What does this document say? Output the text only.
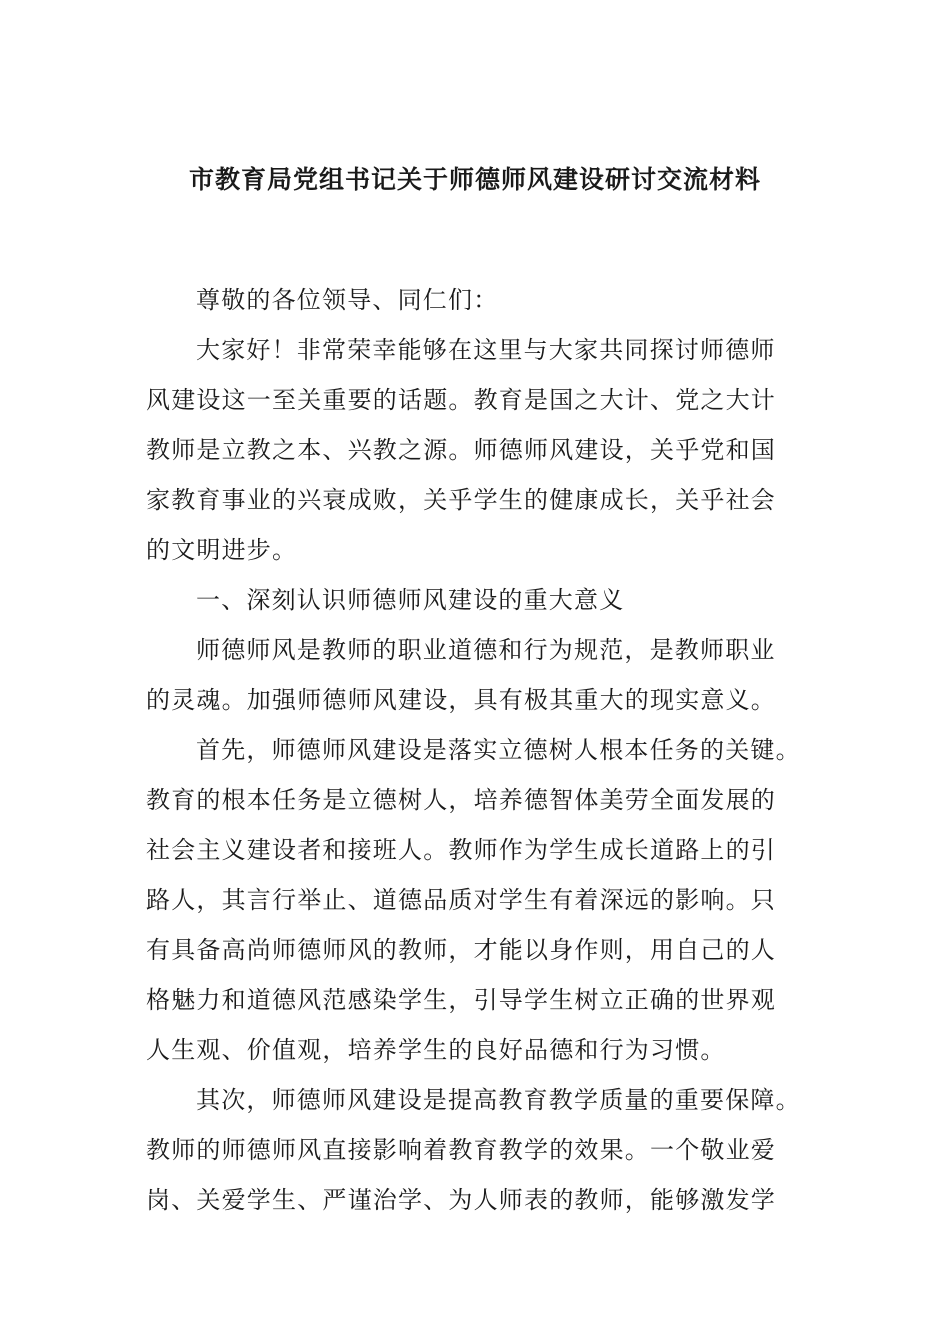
市教育局党组书记关于师德师风建设研讨交流材料

尊敬的各位领导、同仁们：

大家好！非常荣幸能够在这里与大家共同探讨师德师
风建设这一至关重要的话题。教育是国之大计、党之大计
教师是立教之本、兴教之源。师德师风建设，关乎党和国
家教育事业的兴衰成败，关乎学生的健康成长，关乎社会
的文明进步。

一、深刻认识师德师风建设的重大意义

师德师风是教师的职业道德和行为规范，是教师职业
的灵魂。加强师德师风建设，具有极其重大的现实意义。

首先，师德师风建设是落实立德树人根本任务的关键。
教育的根本任务是立德树人，培养德智体美劳全面发展的
社会主义建设者和接班人。教师作为学生成长道路上的引
路人，其言行举止、道德品质对学生有着深远的影响。只
有具备高尚师德师风的教师，才能以身作则，用自己的人
格魅力和道德风范感染学生，引导学生树立正确的世界观
人生观、价值观，培养学生的良好品德和行为习惯。

其次，师德师风建设是提高教育教学质量的重要保障。
教师的师德师风直接影响着教育教学的效果。一个敬业爱
岗、关爱学生、严谨治学、为人师表的教师，能够激发学
